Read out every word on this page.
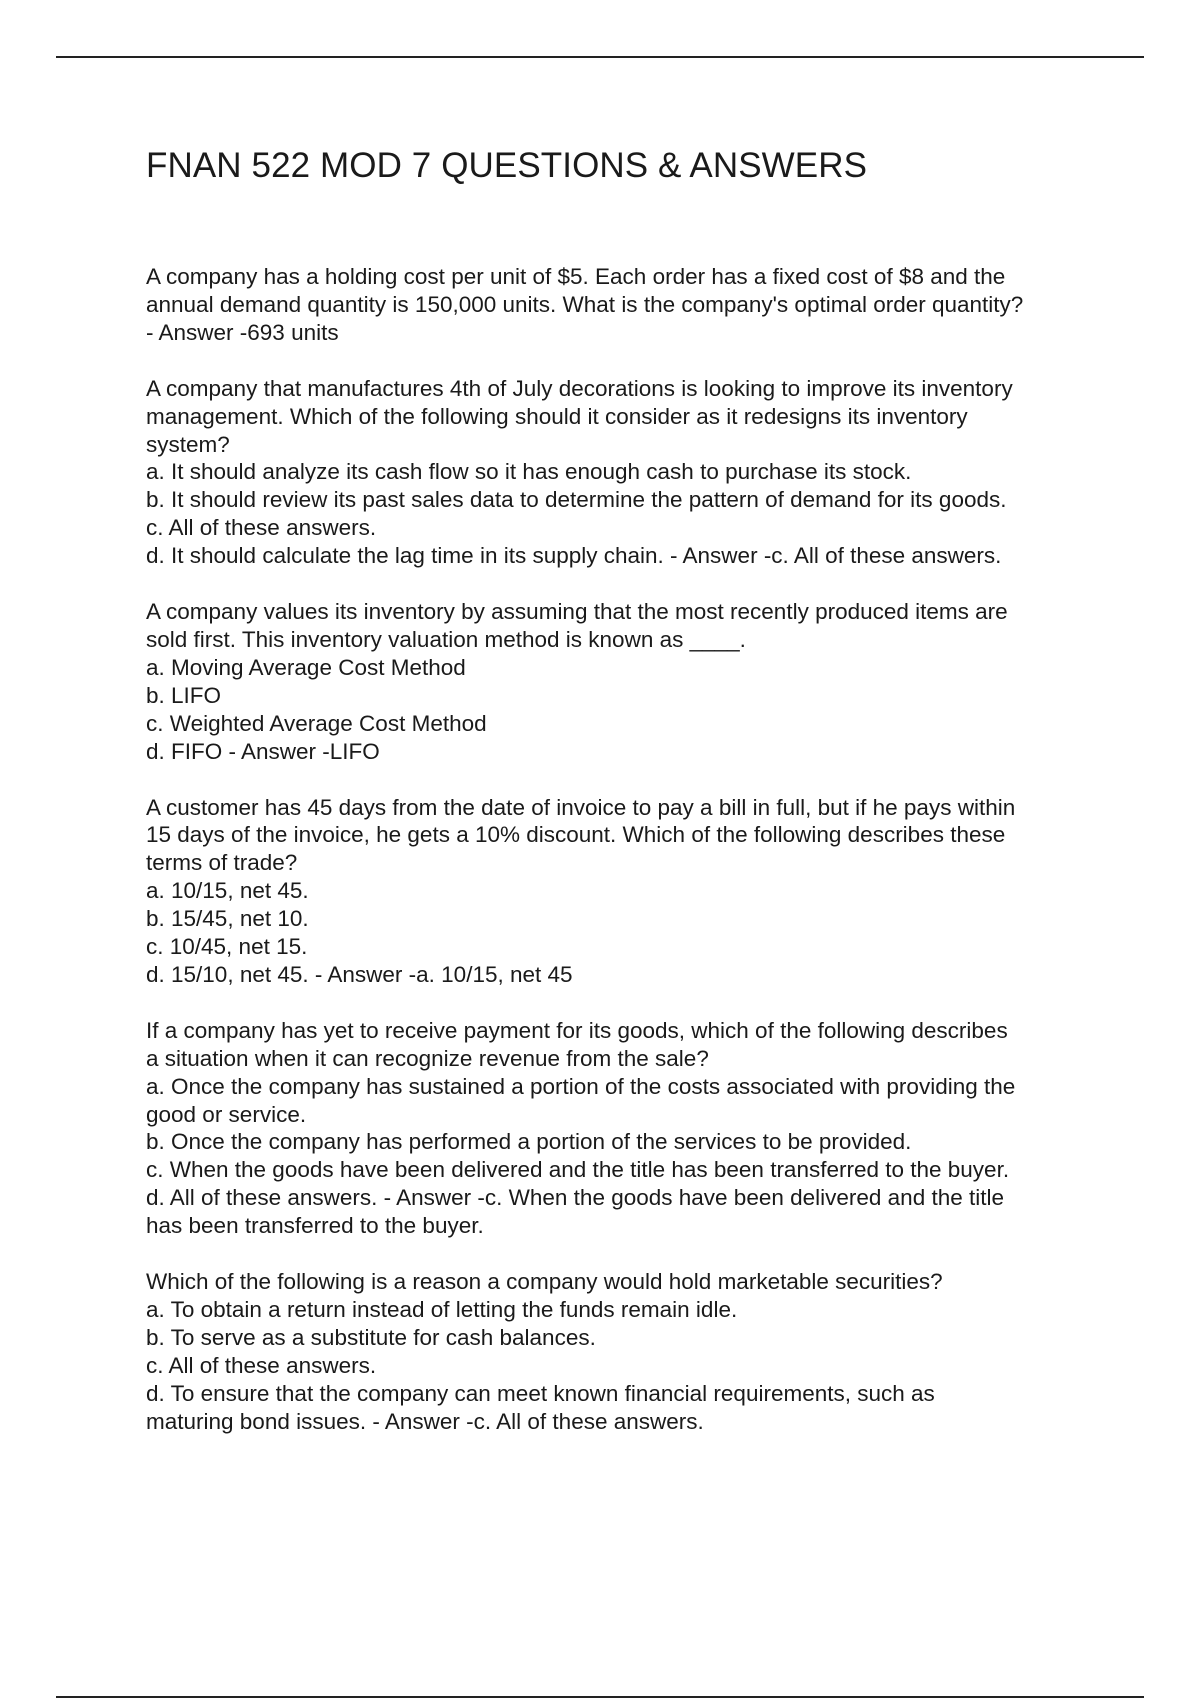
FNAN 522 MOD 7 QUESTIONS & ANSWERS
A company has a holding cost per unit of $5. Each order has a fixed cost of $8 and the
annual demand quantity is 150,000 units. What is the company's optimal order quantity?
- Answer -693 units
A company that manufactures 4th of July decorations is looking to improve its inventory
management. Which of the following should it consider as it redesigns its inventory
system?
a. It should analyze its cash flow so it has enough cash to purchase its stock.
b. It should review its past sales data to determine the pattern of demand for its goods.
c. All of these answers.
d. It should calculate the lag time in its supply chain. - Answer -c. All of these answers.
A company values its inventory by assuming that the most recently produced items are
sold first. This inventory valuation method is known as ____.
a. Moving Average Cost Method
b. LIFO
c. Weighted Average Cost Method
d. FIFO - Answer -LIFO
A customer has 45 days from the date of invoice to pay a bill in full, but if he pays within
15 days of the invoice, he gets a 10% discount. Which of the following describes these
terms of trade?
a. 10/15, net 45.
b. 15/45, net 10.
c. 10/45, net 15.
d. 15/10, net 45. - Answer -a. 10/15, net 45
If a company has yet to receive payment for its goods, which of the following describes
a situation when it can recognize revenue from the sale?
a. Once the company has sustained a portion of the costs associated with providing the
good or service.
b. Once the company has performed a portion of the services to be provided.
c. When the goods have been delivered and the title has been transferred to the buyer.
d. All of these answers. - Answer -c. When the goods have been delivered and the title
has been transferred to the buyer.
Which of the following is a reason a company would hold marketable securities?
a. To obtain a return instead of letting the funds remain idle.
b. To serve as a substitute for cash balances.
c. All of these answers.
d. To ensure that the company can meet known financial requirements, such as
maturing bond issues. - Answer -c. All of these answers.
